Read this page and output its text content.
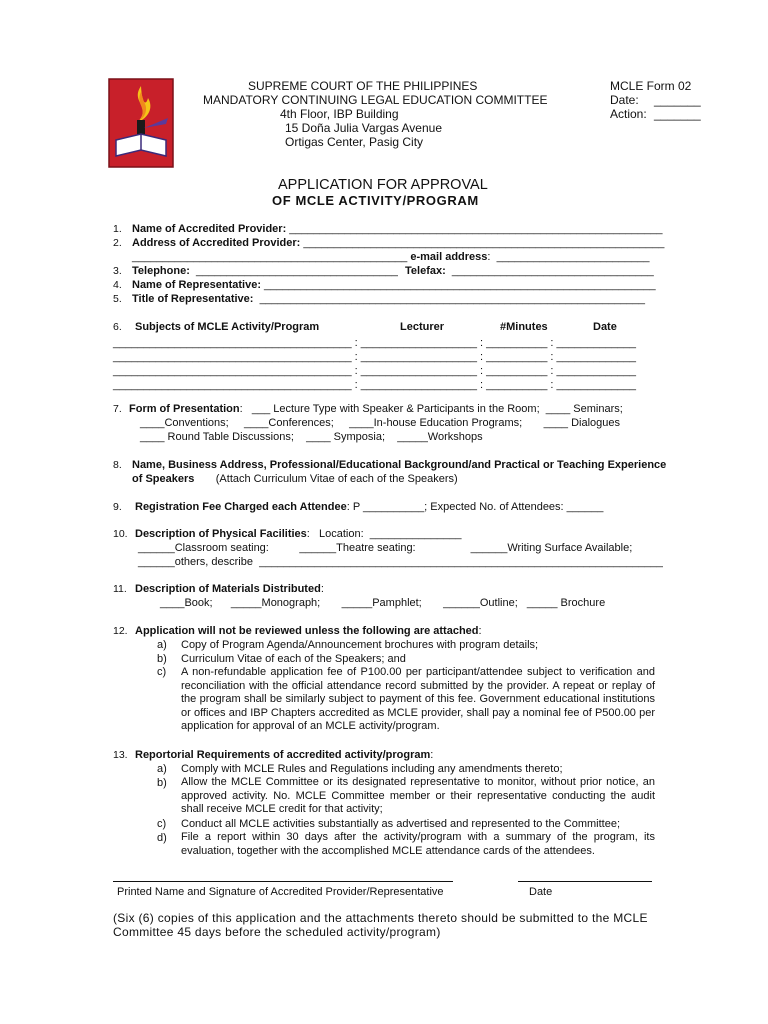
SUPREME COURT OF THE PHILIPPINES
MANDATORY CONTINUING LEGAL EDUCATION COMMITTEE
4th Floor, IBP Building
15 Doña Julia Vargas Avenue
Ortigas Center, Pasig City
MCLE Form 02
Date: _______
Action: _______
APPLICATION FOR APPROVAL
OF MCLE ACTIVITY/PROGRAM
1. Name of Accredited Provider: _____________________________________________________________
2. Address of Accredited Provider: ___________________________________________________________
_____________________________________________ e-mail address:  _________________________
3. Telephone:  _________________________________ Telefax:  _________________________________
4. Name of Representative: ________________________________________________________________
5. Title of Representative:  _______________________________________________________________
6. Subjects of MCLE Activity/Program	Lecturer	#Minutes	Date
_______________________________________ : ___________________ : __________ : _____________
_______________________________________ : ___________________ : __________ : _____________
_______________________________________ : ___________________ : __________ : _____________
_______________________________________ : ___________________ : __________ : _____________
7. Form of Presentation:   ___ Lecture Type with Speaker & Participants in the Room;  ____ Seminars;
____Conventions;     ____Conferences;     ____In-house Education Programs;       ____ Dialogues
____ Round Table Discussions;    ____ Symposia;    _____Workshops
8. Name, Business Address, Professional/Educational Background/and Practical or Teaching Experience
of Speakers       (Attach Curriculum Vitae of each of the Speakers)
9. Registration Fee Charged each Attendee: P __________; Expected No. of Attendees: ______
10. Description of Physical Facilities:   Location:  _______________
______Classroom seating:          ______Theatre seating:                  ______Writing Surface Available;
______others, describe  __________________________________________________________________
11. Description of Materials Distributed:
____Book;      _____Monograph;       _____Pamphlet;       ______Outline;   _____ Brochure
12. Application will not be reviewed unless the following are attached:
a) Copy of Program Agenda/Announcement brochures with program details;
b) Curriculum Vitae of each of the Speakers; and
c) A non-refundable application fee of P100.00 per participant/attendee subject to verification and reconciliation with the official attendance record submitted by the provider. A repeat or replay of the program shall be similarly subject to payment of this fee. Government educational institutions or offices and IBP Chapters accredited as MCLE provider, shall pay a nominal fee of P500.00 per application for approval of an MCLE activity/program.
13. Reportorial Requirements of accredited activity/program:
a) Comply with MCLE Rules and Regulations including any amendments thereto;
b) Allow the MCLE Committee or its designated representative to monitor, without prior notice, an approved activity. No. MCLE Committee member or their representative conducting the audit shall receive MCLE credit for that activity;
c) Conduct all MCLE activities substantially as advertised and represented to the Committee;
d) File a report within 30 days after the activity/program with a summary of the program, its evaluation, together with the accomplished MCLE attendance cards of the attendees.
Printed Name and Signature of Accredited Provider/Representative	Date
(Six (6) copies of this application and the attachments thereto should be submitted to the MCLE Committee 45 days before the scheduled activity/program)
